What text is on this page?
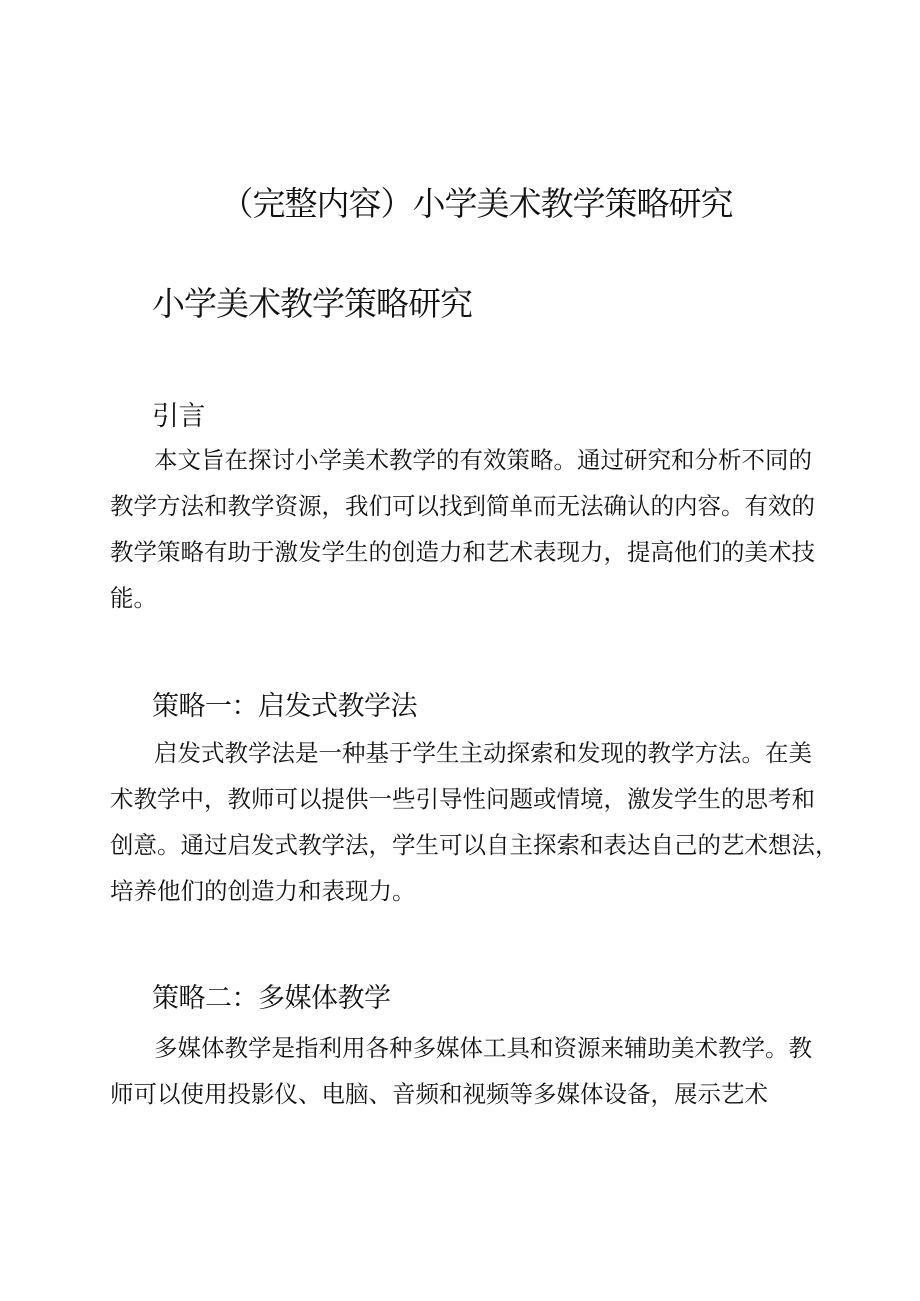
（完整内容）小学美术教学策略研究
小学美术教学策略研究
引言
本文旨在探讨小学美术教学的有效策略。通过研究和分析不同的
教学方法和教学资源，我们可以找到简单而无法确认的内容。有效的
教学策略有助于激发学生的创造力和艺术表现力，提高他们的美术技
能。
策略一：启发式教学法
启发式教学法是一种基于学生主动探索和发现的教学方法。在美
术教学中，教师可以提供一些引导性问题或情境，激发学生的思考和
创意。通过启发式教学法，学生可以自主探索和表达自己的艺术想法，
培养他们的创造力和表现力。
策略二：多媒体教学
多媒体教学是指利用各种多媒体工具和资源来辅助美术教学。教
师可以使用投影仪、电脑、音频和视频等多媒体设备，展示艺术
